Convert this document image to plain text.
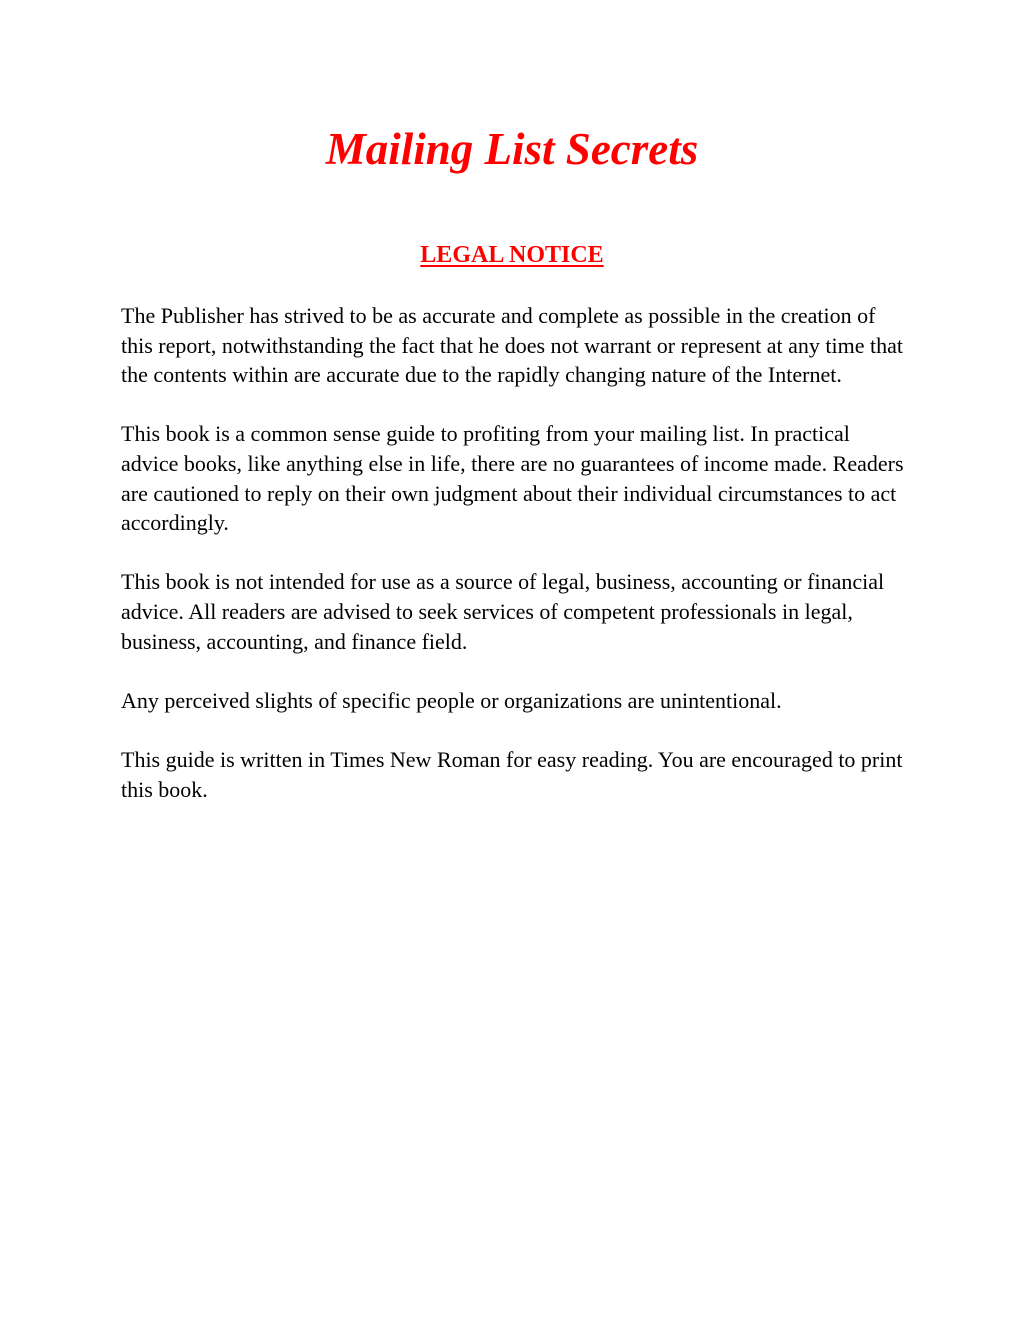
Mailing List Secrets
LEGAL NOTICE

The Publisher has strived to be as accurate and complete as possible in the creation of this report, notwithstanding the fact that he does not warrant or represent at any time that the contents within are accurate due to the rapidly changing nature of the Internet.

This book is a common sense guide to profiting from your mailing list. In practical advice books, like anything else in life, there are no guarantees of income made. Readers are cautioned to reply on their own judgment about their individual circumstances to act accordingly.

This book is not intended for use as a source of legal, business, accounting or financial advice. All readers are advised to seek services of competent professionals in legal, business, accounting, and finance field.

Any perceived slights of specific people or organizations are unintentional.

This guide is written in Times New Roman for easy reading. You are encouraged to print this book.
